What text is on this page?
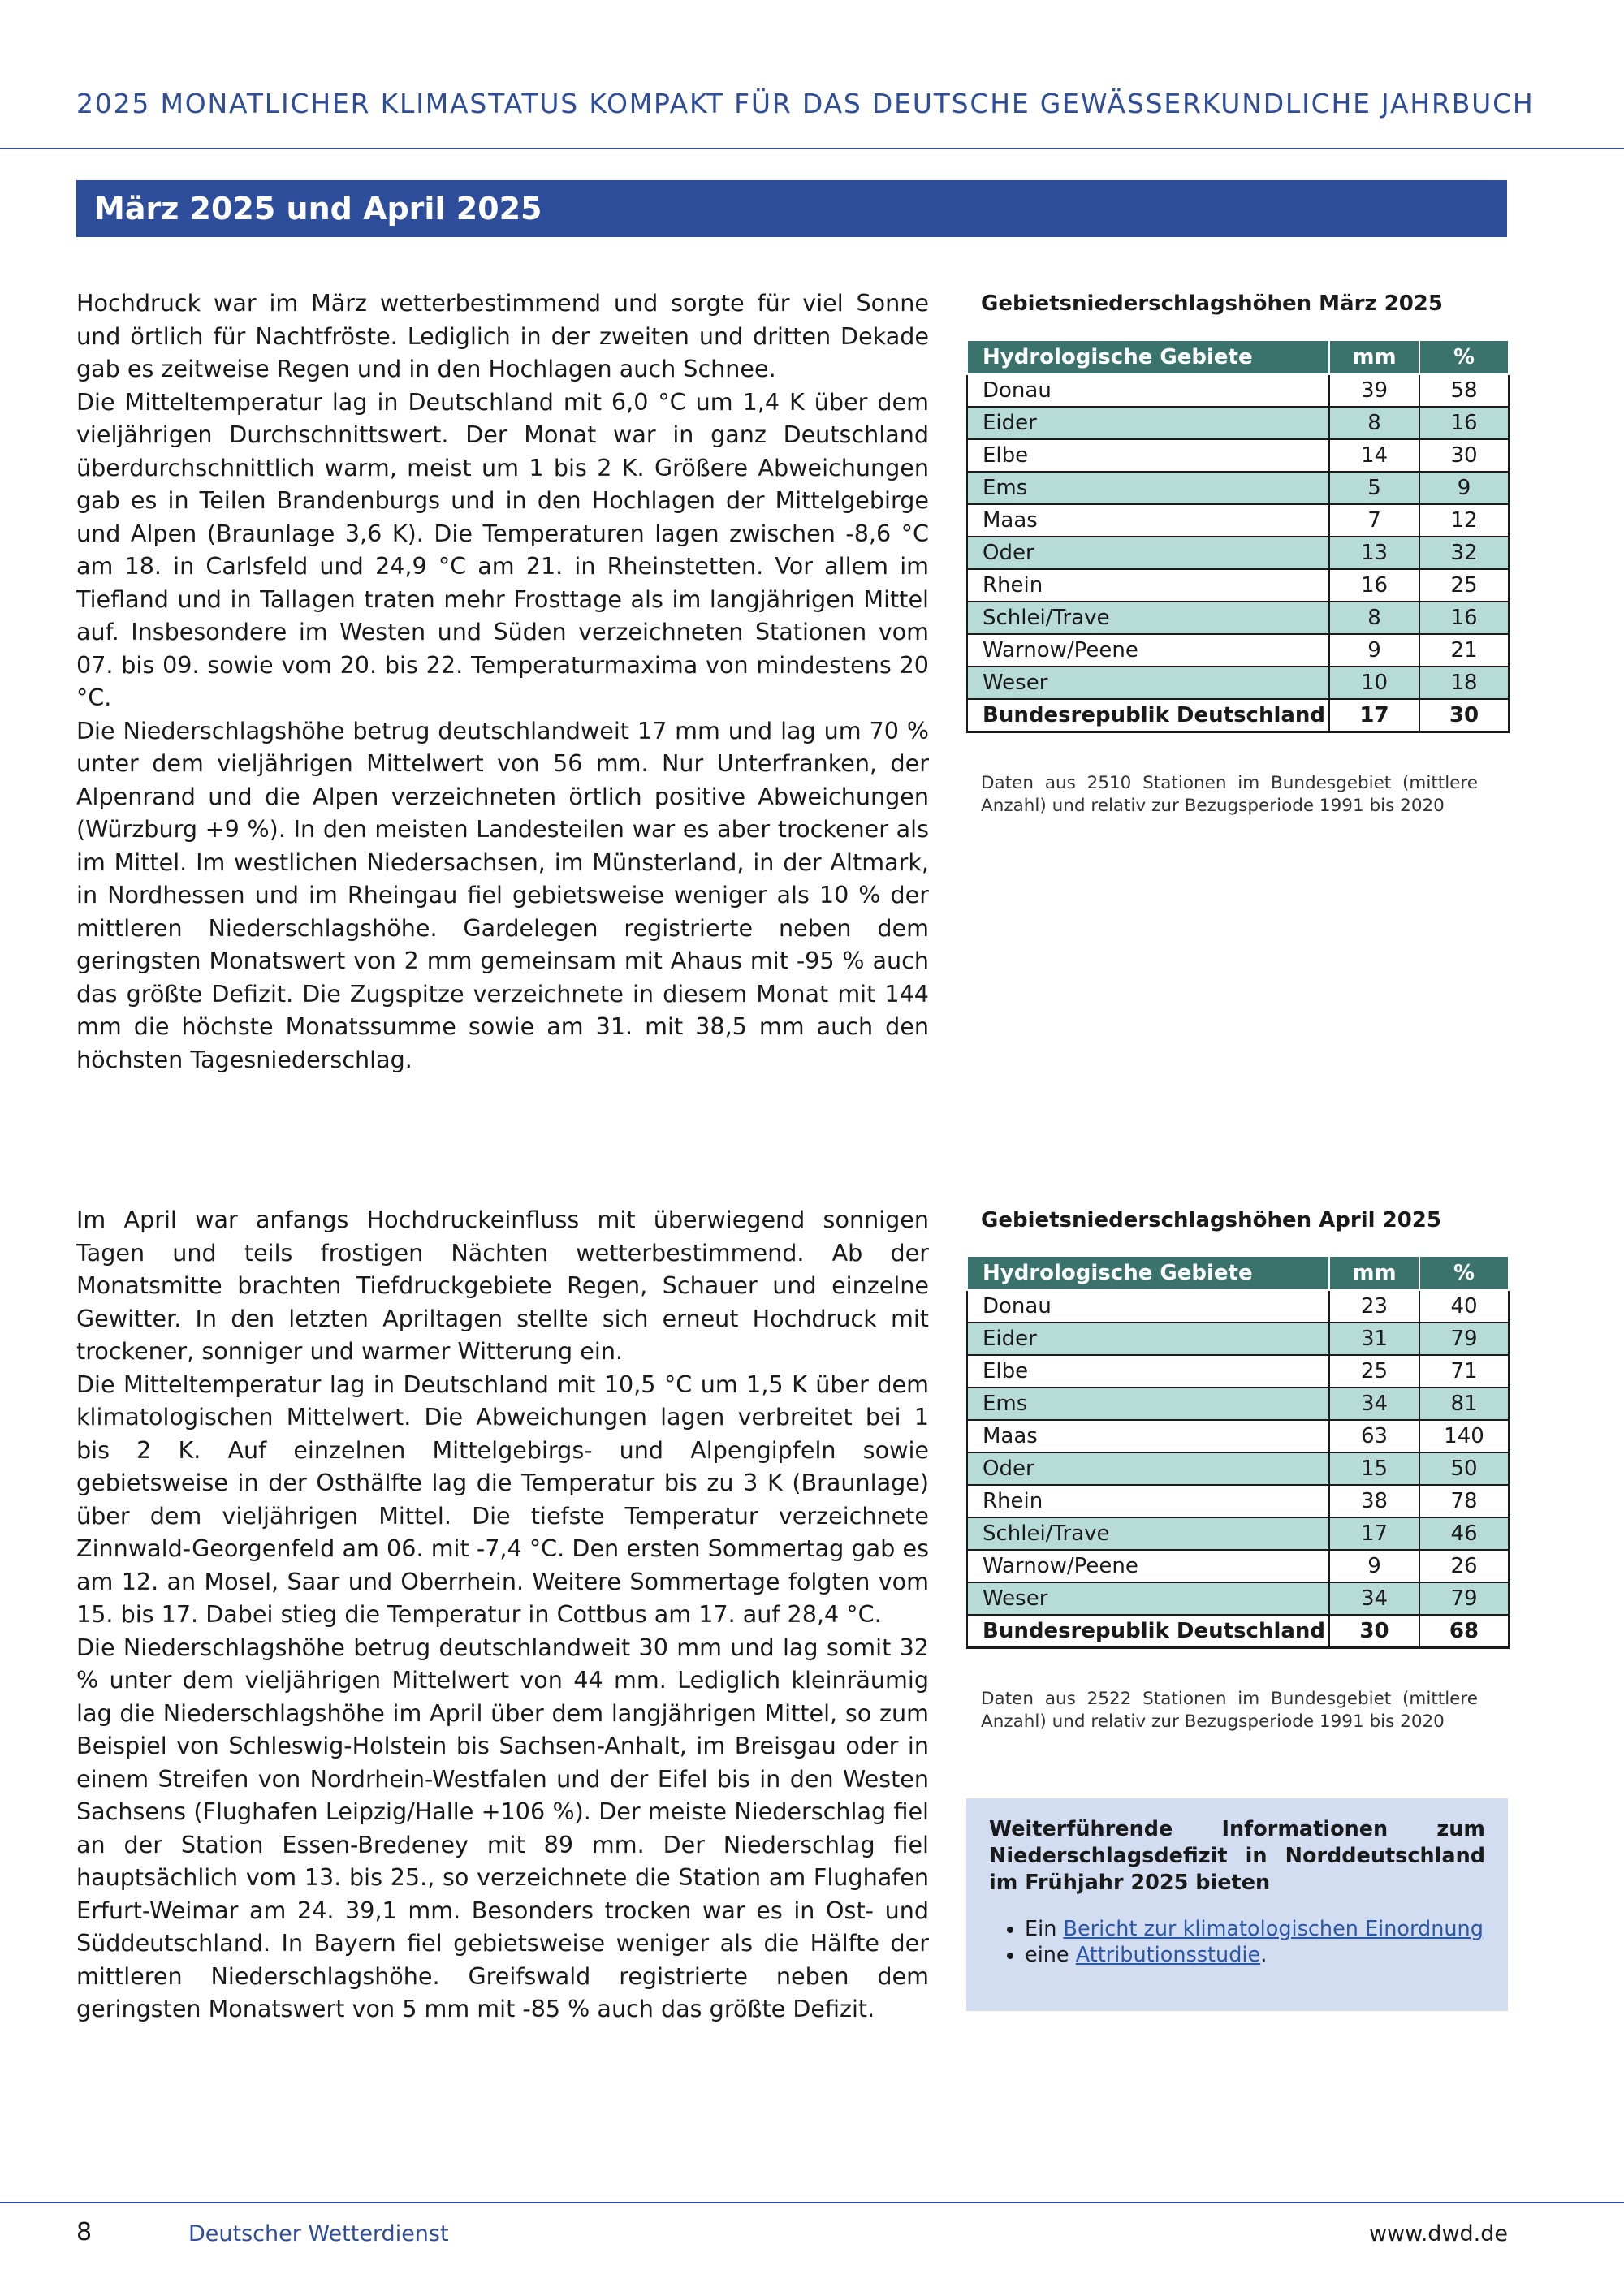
2025 MONATLICHER KLIMASTATUS KOMPAKT FÜR DAS DEUTSCHE GEWÄSSERKUNDLICHE JAHRBUCH
März 2025 und April 2025

Hochdruck war im März wetterbestimmend und sorgte für viel Sonne und örtlich für Nachtfröste. Lediglich in der zweiten und dritten Dekade gab es zeitweise Regen und in den Hochlagen auch Schnee.

Die Mitteltemperatur lag in Deutschland mit 6,0 °C um 1,4 K über dem vieljährigen Durchschnittswert. Der Monat war in ganz Deutschland überdurchschnittlich warm, meist um 1 bis 2 K. Größere Abweichungen gab es in Teilen Brandenburgs und in den Hochlagen der Mittelgebirge und Alpen (Braunlage 3,6 K). Die Temperaturen lagen zwischen -8,6 °C am 18. in Carlsfeld und 24,9 °C am 21. in Rheinstetten. Vor allem im Tiefland und in Tallagen traten mehr Frosttage als im langjährigen Mittel auf. Insbesondere im Westen und Süden verzeichneten Stationen vom 07. bis 09. sowie vom 20. bis 22. Temperaturmaxima von mindestens 20 °C.

Die Niederschlagshöhe betrug deutschlandweit 17 mm und lag um 70 % unter dem vieljährigen Mittelwert von 56 mm. Nur Unterfranken, der Alpenrand und die Alpen verzeichneten örtlich positive Abweichungen (Würzburg +9 %). In den meisten Landesteilen war es aber trockener als im Mittel. Im westlichen Niedersachsen, im Münsterland, in der Altmark, in Nordhessen und im Rheingau fiel gebietsweise weniger als 10 % der mittleren Niederschlagshöhe. Gardelegen registrierte neben dem geringsten Monatswert von 2 mm gemeinsam mit Ahaus mit -95 % auch das größte Defizit. Die Zugspitze verzeichnete in diesem Monat mit 144 mm die höchste Monatssumme sowie am 31. mit 38,5 mm auch den höchsten Tagesniederschlag.

Gebietsniederschlagshöhen März 2025
Hydrologische Gebiete	mm	%
Donau	39	58
Eider	8	16
Elbe	14	30
Ems	5	9
Maas	7	12
Oder	13	32
Rhein	16	25
Schlei/Trave	8	16
Warnow/Peene	9	21
Weser	10	18
Bundesrepublik Deutschland	17	30
Daten aus 2510 Stationen im Bundesgebiet (mittlere Anzahl) und relativ zur Bezugsperiode 1991 bis 2020

Im April war anfangs Hochdruckeinfluss mit überwiegend sonnigen Tagen und teils frostigen Nächten wetterbestimmend. Ab der Monatsmitte brachten Tiefdruckgebiete Regen, Schauer und einzelne Gewitter. In den letzten Apriltagen stellte sich erneut Hochdruck mit trockener, sonniger und warmer Witterung ein.

Die Mitteltemperatur lag in Deutschland mit 10,5 °C um 1,5 K über dem klimatologischen Mittelwert. Die Abweichungen lagen verbreitet bei 1 bis 2 K. Auf einzelnen Mittelgebirgs- und Alpengipfeln sowie gebietsweise in der Osthälfte lag die Temperatur bis zu 3 K (Braunlage) über dem vieljährigen Mittel. Die tiefste Temperatur verzeichnete Zinnwald-Georgenfeld am 06. mit -7,4 °C. Den ersten Sommertag gab es am 12. an Mosel, Saar und Oberrhein. Weitere Sommertage folgten vom 15. bis 17. Dabei stieg die Temperatur in Cottbus am 17. auf 28,4 °C.

Die Niederschlagshöhe betrug deutschlandweit 30 mm und lag somit 32 % unter dem vieljährigen Mittelwert von 44 mm. Lediglich kleinräumig lag die Niederschlagshöhe im April über dem langjährigen Mittel, so zum Beispiel von Schleswig-Holstein bis Sachsen-Anhalt, im Breisgau oder in einem Streifen von Nordrhein-Westfalen und der Eifel bis in den Westen Sachsens (Flughafen Leipzig/Halle +106 %). Der meiste Niederschlag fiel an der Station Essen-Bredeney mit 89 mm. Der Niederschlag fiel hauptsächlich vom 13. bis 25., so verzeichnete die Station am Flughafen Erfurt-Weimar am 24. 39,1 mm. Besonders trocken war es in Ost- und Süddeutschland. In Bayern fiel gebietsweise weniger als die Hälfte der mittleren Niederschlagshöhe. Greifswald registrierte neben dem geringsten Monatswert von 5 mm mit -85 % auch das größte Defizit.

Gebietsniederschlagshöhen April 2025
Hydrologische Gebiete	mm	%
Donau	23	40
Eider	31	79
Elbe	25	71
Ems	34	81
Maas	63	140
Oder	15	50
Rhein	38	78
Schlei/Trave	17	46
Warnow/Peene	9	26
Weser	34	79
Bundesrepublik Deutschland	30	68
Daten aus 2522 Stationen im Bundesgebiet (mittlere Anzahl) und relativ zur Bezugsperiode 1991 bis 2020

Weiterführende Informationen zum Niederschlagsdefizit in Norddeutschland im Frühjahr 2025 bieten

• Ein Bericht zur klimatologischen Einordnung
• eine Attributionsstudie.
8	Deutscher Wetterdienst	www.dwd.de
